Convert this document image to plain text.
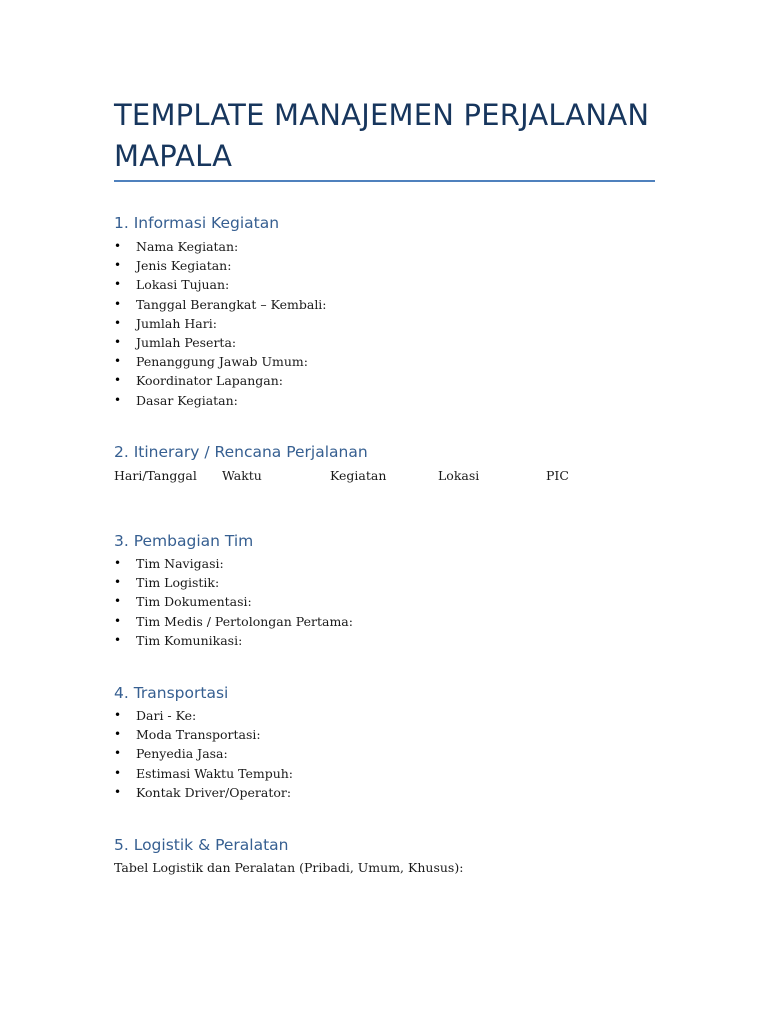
TEMPLATE MANAJEMEN PERJALANAN MAPALA
1. Informasi Kegiatan
• Nama Kegiatan:
• Jenis Kegiatan:
• Lokasi Tujuan:
• Tanggal Berangkat – Kembali:
• Jumlah Hari:
• Jumlah Peserta:
• Penanggung Jawab Umum:
• Koordinator Lapangan:
• Dasar Kegiatan:
2. Itinerary / Rencana Perjalanan
Hari/Tanggal Waktu	Kegiatan	Lokasi	PIC
3. Pembagian Tim
• Tim Navigasi:
• Tim Logistik:
• Tim Dokumentasi:
• Tim Medis / Pertolongan Pertama:
• Tim Komunikasi:
4. Transportasi
• Dari - Ke:
• Moda Transportasi:
• Penyedia Jasa:
• Estimasi Waktu Tempuh:
• Kontak Driver/Operator:
5. Logistik & Peralatan
Tabel Logistik dan Peralatan (Pribadi, Umum, Khusus):
